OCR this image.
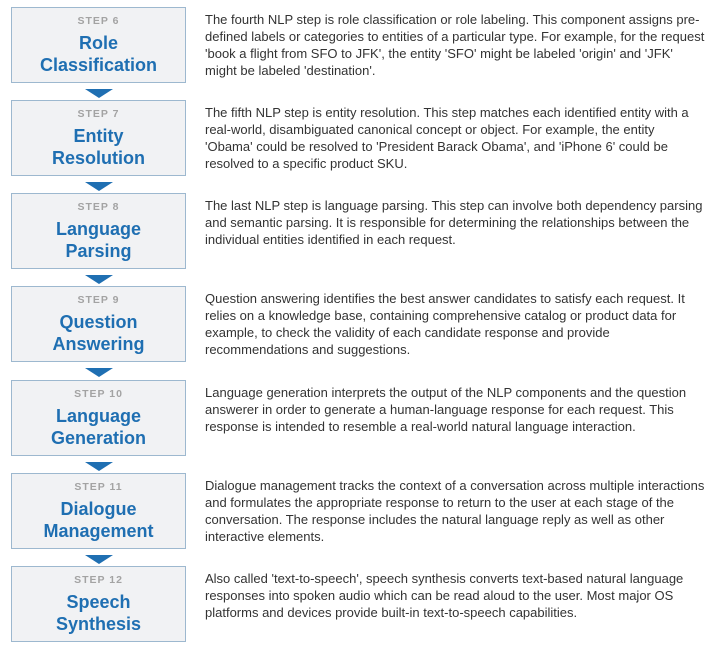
STEP 6
Role
Classification

The fourth NLP step is role classification or role labeling. This component assigns pre-defined labels or categories to entities of a particular type. For example, for the request 'book a flight from SFO to JFK', the entity 'SFO' might be labeled 'origin' and 'JFK' might be labeled 'destination'.

STEP 7
Entity
Resolution

The fifth NLP step is entity resolution. This step matches each identified entity with a real-world, disambiguated canonical concept or object. For example, the entity 'Obama' could be resolved to 'President Barack Obama', and 'iPhone 6' could be resolved to a specific product SKU.

STEP 8
Language
Parsing

The last NLP step is language parsing. This step can involve both dependency parsing and semantic parsing. It is responsible for determining the relationships between the individual entities identified in each request.

STEP 9
Question
Answering

Question answering identifies the best answer candidates to satisfy each request. It relies on a knowledge base, containing comprehensive catalog or product data for example, to check the validity of each candidate response and provide recommendations and suggestions.

STEP 10
Language
Generation

Language generation interprets the output of the NLP components and the question answerer in order to generate a human-language response for each request. This response is intended to resemble a real-world natural language interaction.

STEP 11
Dialogue
Management

Dialogue management tracks the context of a conversation across multiple interactions and formulates the appropriate response to return to the user at each stage of the conversation. The response includes the natural language reply as well as other interactive elements.

STEP 12
Speech
Synthesis

Also called 'text-to-speech', speech synthesis converts text-based natural language responses into spoken audio which can be read aloud to the user. Most major OS platforms and devices provide built-in text-to-speech capabilities.
